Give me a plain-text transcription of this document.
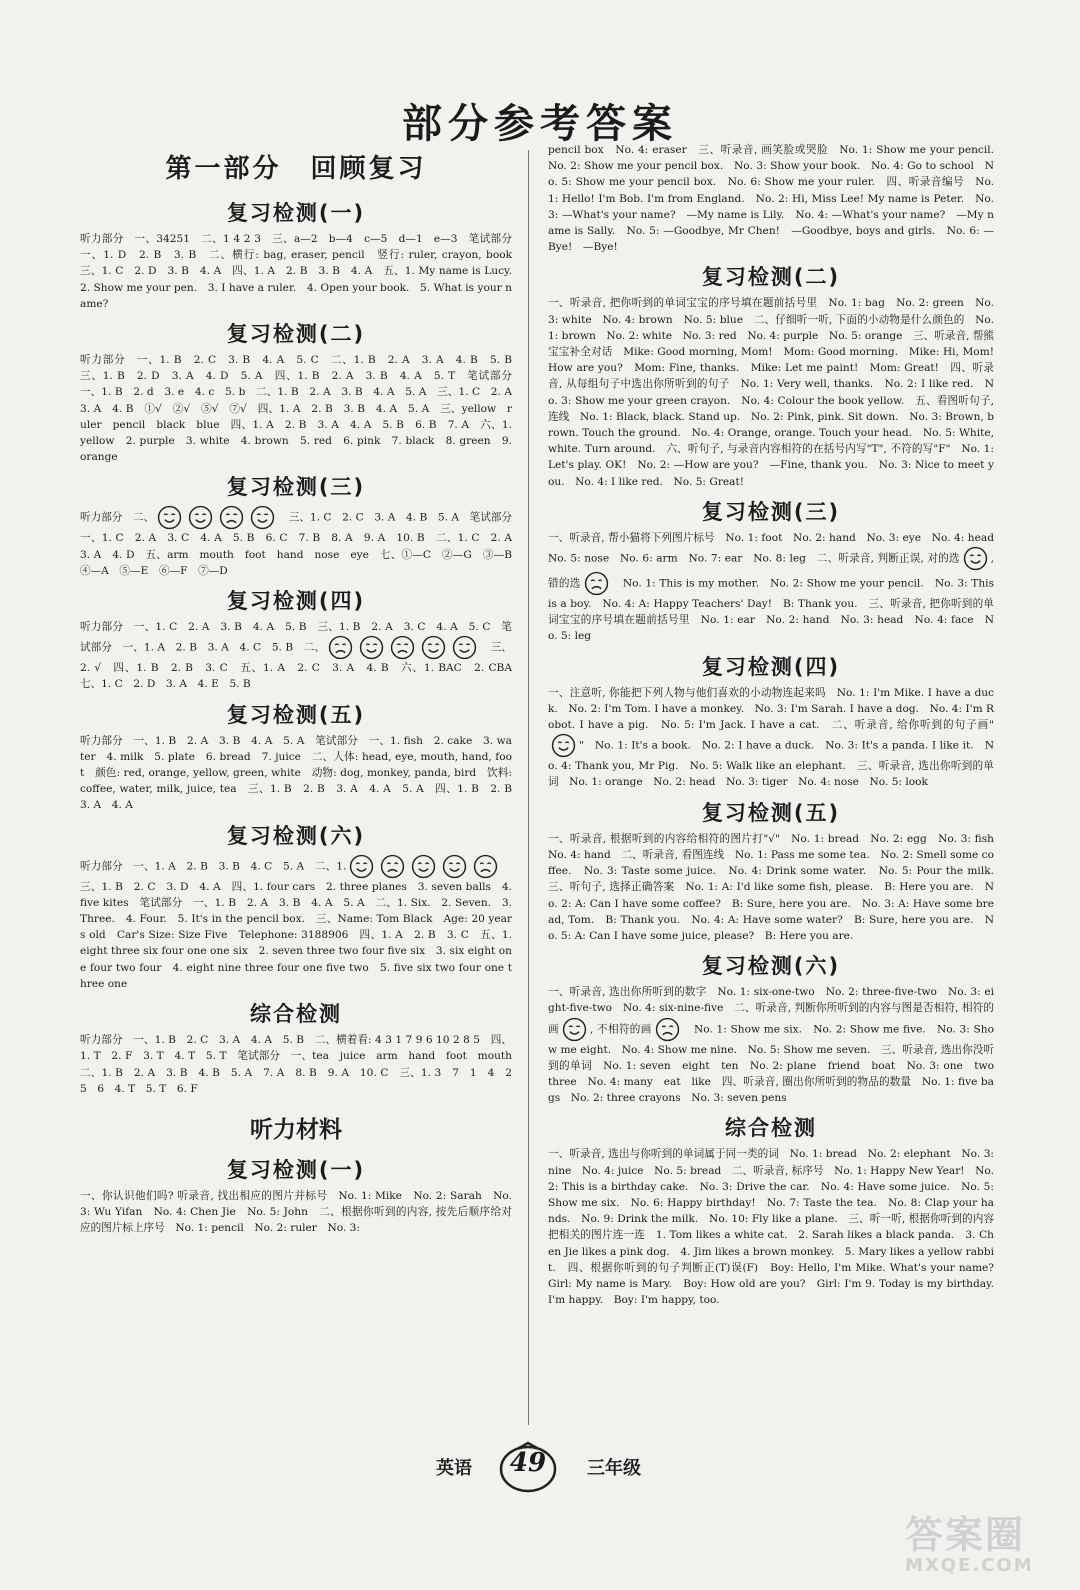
部分参考答案
第一部分　回顾复习
复习检测(一)

听力部分　一、34251　二、1 4 2 3　三、a—2　b—4　c—5　d—1　e—3　笔试部分　一、1. D　2. B　3. B　二、横行: bag, eraser, pencil　竖行: ruler, crayon, book　三、1. C　2. D　3. B　4. A　四、1. A　2. B　3. B　4. A　五、1. My name is Lucy.　2. Show me your pen.　3. I have a ruler.　4. Open your book.　5. What is your name?

复习检测(二)

听力部分　一、1. B　2. C　3. B　4. A　5. C　二、1. B　2. A　3. A　4. B　5. B　三、1. B　2. D　3. A　4. D　5. A　四、1. B　2. A　3. B　4. A　5. T　笔试部分　一、1. B　2. d　3. e　4. c　5. b　二、1. B　2. A　3. B　4. A　5. A　三、1. C　2. A　3. A　4. B　①√　②√　⑤√　⑦√　四、1. A　2. B　3. B　4. A　5. A　三、yellow　ruler　pencil　black　blue　四、1. A　2. B　3. A　4. A　5. B　6. B　7. A　六、1. yellow　2. purple　3. white　4. brown　5. red　6. pink　7. black　8. green　9. orange

复习检测(三)

听力部分　二、	　三、1. C　2. C　3. A　4. B　5. A　笔试部分　一、1. C　2. A　3. C　4. A　5. B　6. C　7. B　8. A　9. A　10. B　二、1. C　2. A　3. A　4. D　五、arm　mouth　foot　hand　nose　eye　七、①—C　②—G　③—B　④—A　⑤—E　⑥—F　⑦—D

复习检测(四)

听力部分　一、1. C　2. A　3. B　4. A　5. B　三、1. B　2. A　3. C　4. A　5. C　笔试部分　一、1. A　2. B　3. A　4. C　5. B　二、	　三、2. √　四、1. B　2. B　3. C　五、1. A　2. C　3. A　4. B　六、1. BAC　2. CBA　七、1. C　2. D　3. A　4. E　5. B

复习检测(五)

听力部分　一、1. B　2. A　3. B　4. A　5. A　笔试部分　一、1. fish　2. cake　3. water　4. milk　5. plate　6. bread　7. juice　二、人体: head, eye, mouth, hand, foot　颜色: red, orange, yellow, green, white　动物: dog, monkey, panda, bird　饮料: coffee, water, milk, juice, tea　三、1. B　2. B　3. A　4. A　5. A　四、1. B　2. B　3. A　4. A

复习检测(六)

听力部分　一、1. A　2. B　3. B　4. C　5. A　二、1.	　三、1. B　2. C　3. D　4. A　四、1. four cars　2. three planes　3. seven balls　4. five kites　笔试部分　一、1. B　2. A　3. B　4. A　5. A　二、1. Six.　2. Seven.　3. Three.　4. Four.　5. It's in the pencil box.　三、Name: Tom Black　Age: 20 years old　Car's Size: Size Five　Telephone: 3188906　四、1. A　2. B　3. C　五、1. eight three six four one one six　2. seven three two four five six　3. six eight one four two four　4. eight nine three four one five two　5. five six two four one three one

综合检测

听力部分　一、1. B　2. C　3. A　4. A　5. B　二、横着看: 4 3 1 7 9 6 10 2 8 5　四、1. T　2. F　3. T　4. T　5. T　笔试部分　一、tea　juice　arm　hand　foot　mouth　二、1. B　2. A　3. B　4. B　5. A　7. A　8. B　9. A　10. C　三、1. 3　7　1　4　2　5　6　4. T　5. T　6. F

听力材料
复习检测(一)

一、你认识他们吗? 听录音, 找出相应的图片并标号　No. 1: Mike　No. 2: Sarah　No. 3: Wu Yifan　No. 4: Chen Jie　No. 5: John　二、根据你听到的内容, 按先后顺序给对应的图片标上序号　No. 1: pencil　No. 2: ruler　No. 3:

pencil box　No. 4: eraser　三、听录音, 画笑脸或哭脸　No. 1: Show me your pencil.　No. 2: Show me your pencil box.　No. 3: Show your book.　No. 4: Go to school　No. 5: Show me your pencil box.　No. 6: Show me your ruler.　四、听录音编号　No. 1: Hello! I'm Bob. I'm from England.　No. 2: Hi, Miss Lee! My name is Peter.　No. 3: —What's your name?　—My name is Lily.　No. 4: —What's your name?　—My name is Sally.　No. 5: —Goodbye, Mr Chen!　—Goodbye, boys and girls.　No. 6: —Bye!　—Bye!

复习检测(二)

一、听录音, 把你听到的单词宝宝的序号填在题前括号里　No. 1: bag　No. 2: green　No. 3: white　No. 4: brown　No. 5: blue　二、仔细听一听, 下面的小动物是什么颜色的　No. 1: brown　No. 2: white　No. 3: red　No. 4: purple　No. 5: orange　三、听录音, 帮熊宝宝补全对话　Mike: Good morning, Mom!　Mom: Good morning.　Mike: Hi, Mom! How are you?　Mom: Fine, thanks.　Mike: Let me paint!　Mom: Great!　四、听录音, 从每组句子中选出你所听到的句子　No. 1: Very well, thanks.　No. 2: I like red.　No. 3: Show me your green crayon.　No. 4: Colour the book yellow.　五、看图听句子, 连线　No. 1: Black, black. Stand up.　No. 2: Pink, pink. Sit down.　No. 3: Brown, brown. Touch the ground.　No. 4: Orange, orange. Touch your head.　No. 5: White, white. Turn around.　六、听句子, 与录音内容相符的在括号内写"T", 不符的写"F"　No. 1: Let's play. OK!　No. 2: —How are you?　—Fine, thank you.　No. 3: Nice to meet you.　No. 4: I like red.　No. 5: Great!

复习检测(三)

一、听录音, 帮小猫将下列图片标号　No. 1: foot　No. 2: hand　No. 3: eye　No. 4: head　No. 5: nose　No. 6: arm　No. 7: ear　No. 8: leg　二、听录音, 判断正误, 对的选	, 错的选	　No. 1: This is my mother.　No. 2: Show me your pencil.　No. 3: This is a boy.　No. 4: A: Happy Teachers' Day!　B: Thank you.　三、听录音, 把你听到的单词宝宝的序号填在题前括号里　No. 1: ear　No. 2: hand　No. 3: head　No. 4: face　No. 5: leg

复习检测(四)

一、注意听, 你能把下列人物与他们喜欢的小动物连起来吗　No. 1: I'm Mike. I have a duck.　No. 2: I'm Tom. I have a monkey.　No. 3: I'm Sarah. I have a dog.　No. 4: I'm Robot. I have a pig.　No. 5: I'm Jack. I have a cat.　二、听录音, 给你听到的句子画""　No. 1: It's a book.　No. 2: I have a duck.　No. 3: It's a panda. I like it.　No. 4: Thank you, Mr Pig.　No. 5: Walk like an elephant.　三、听录音, 选出你听到的单词　No. 1: orange　No. 2: head　No. 3: tiger　No. 4: nose　No. 5: look

复习检测(五)

一、听录音, 根据听到的内容给相符的图片打"√"　No. 1: bread　No. 2: egg　No. 3: fish　No. 4: hand　二、听录音, 看图连线　No. 1: Pass me some tea.　No. 2: Smell some coffee.　No. 3: Taste some juice.　No. 4: Drink some water.　No. 5: Pour the milk.　三、听句子, 选择正确答案　No. 1: A: I'd like some fish, please.　B: Here you are.　No. 2: A: Can I have some coffee?　B: Sure, here you are.　No. 3: A: Have some bread, Tom.　B: Thank you.　No. 4: A: Have some water?　B: Sure, here you are.　No. 5: A: Can I have some juice, please?　B: Here you are.

复习检测(六)

一、听录音, 选出你所听到的数字　No. 1: six-one-two　No. 2: three-five-two　No. 3: eight-five-two　No. 4: six-nine-five　二、听录音, 判断你所听到的内容与图是否相符, 相符的画	, 不相符的画	　No. 1: Show me six.　No. 2: Show me five.　No. 3: Show me eight.　No. 4: Show me nine.　No. 5: Show me seven.　三、听录音, 选出你没听到的单词　No. 1: seven　eight　ten　No. 2: plane　friend　boat　No. 3: one　two　three　No. 4: many　eat　like　四、听录音, 圈出你所听到的物品的数量　No. 1: five bags　No. 2: three crayons　No. 3: seven pens

综合检测

一、听录音, 选出与你听到的单词属于同一类的词　No. 1: bread　No. 2: elephant　No. 3: nine　No. 4: juice　No. 5: bread　二、听录音, 标序号　No. 1: Happy New Year!　No. 2: This is a birthday cake.　No. 3: Drive the car.　No. 4: Have some juice.　No. 5: Show me six.　No. 6: Happy birthday!　No. 7: Taste the tea.　No. 8: Clap your hands.　No. 9: Drink the milk.　No. 10: Fly like a plane.　三、听一听, 根据你听到的内容把相关的图片连一连　1. Tom likes a white cat.　2. Sarah likes a black panda.　3. Chen Jie likes a pink dog.　4. Jim likes a brown monkey.　5. Mary likes a yellow rabbit.　四、根据你听到的句子判断正(T)误(F)　Boy: Hello, I'm Mike. What's your name?　Girl: My name is Mary.　Boy: How old are you?　Girl: I'm 9. Today is my birthday. I'm happy.　Boy: I'm happy, too.

英语	49	三年级
答案圈
MXQE.COM
